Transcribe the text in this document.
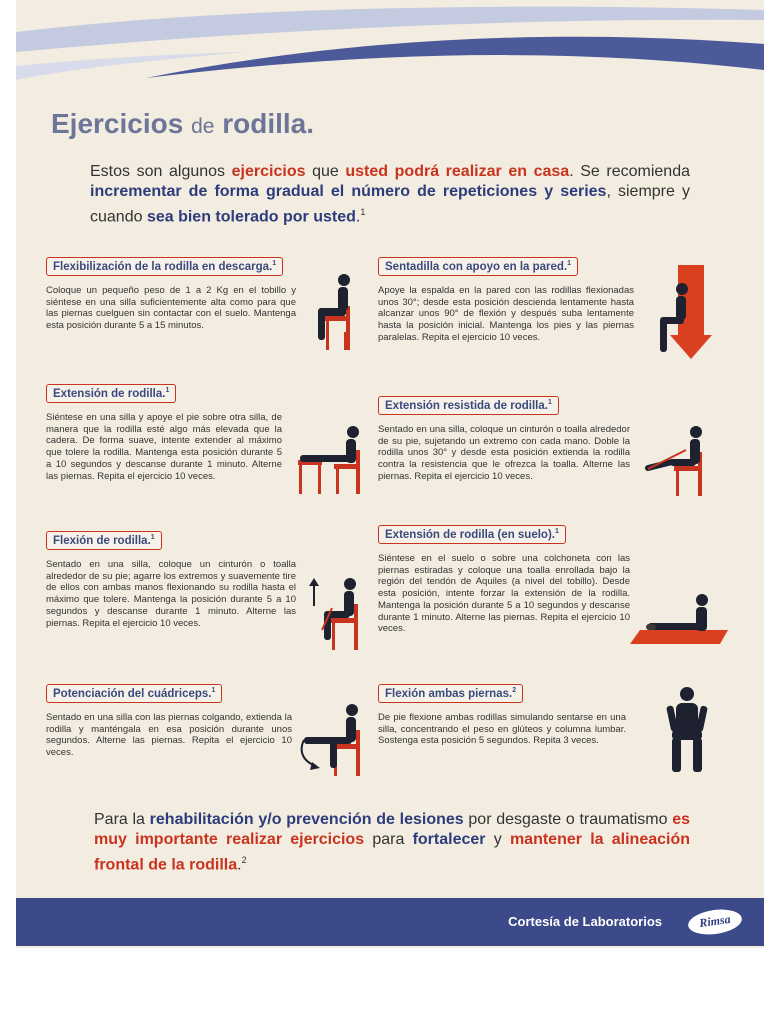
Ejercicios de rodilla.
Estos son algunos ejercicios que usted podrá realizar en casa. Se recomienda incrementar de forma gradual el número de repeticiones y series, siempre y cuando sea bien tolerado por usted.$^1$
Flexibilización de la rodilla en descarga.$^1$
Coloque un pequeño peso de 1 a 2 Kg en el tobillo y siéntese en una silla suficientemente alta como para que las piernas cuelguen sin contactar con el suelo. Mantenga esta posición durante 5 a 15 minutos.
Sentadilla con apoyo en la pared.$^1$
Apoye la espalda en la pared con las rodillas flexionadas unos 30°; desde esta posición descienda lentamente hasta alcanzar unos 90° de flexión y después suba lentamente hasta la posición inicial. Mantenga los pies y las piernas paralelas. Repita el ejercicio 10 veces.
Extensión de rodilla.$^1$
Siéntese en una silla y apoye el pie sobre otra silla, de manera que la rodilla esté algo más elevada que la cadera. De forma suave, intente extender al máximo que tolere la rodilla. Mantenga esta posición durante 5 a 10 segundos y descanse durante 1 minuto. Alterne las piernas. Repita el ejercicio 10 veces.
Extensión resistida de rodilla.$^1$
Sentado en una silla, coloque un cinturón o toalla alrededor de su pie, sujetando un extremo con cada mano. Doble la rodilla unos 30° y desde esta posición extienda la rodilla contra la resistencia que le ofrezca la toalla. Alterne las piernas. Repita el ejercicio 10 veces.
Flexión de rodilla.$^1$
Sentado en una silla, coloque un cinturón o toalla alrededor de su pie; agarre los extremos y suavemente tire de ellos con ambas manos flexionando su rodilla hasta el máximo que tolere. Mantenga la posición durante 5 a 10 segundos y descanse durante 1 minuto. Alterne las piernas. Repita el ejercicio 10 veces.
Extensión de rodilla (en suelo).$^1$
Siéntese en el suelo o sobre una colchoneta con las piernas estiradas y coloque una toalla enrollada bajo la región del tendón de Aquiles (a nivel del tobillo). Desde esta posición, intente forzar la extensión de la rodilla. Mantenga la posición durante 5 a 10 segundos y descanse durante 1 minuto. Alterne las piernas. Repita el ejercicio 10 veces.
Potenciación del cuádriceps.$^1$
Sentado en una silla con las piernas colgando, extienda la rodilla y manténgala en esa posición durante unos segundos. Alterne las piernas. Repita el ejercicio 10 veces.
Flexión ambas piernas.$^2$
De pie flexione ambas rodillas simulando sentarse en una silla, concentrando el peso en glúteos y columna lumbar. Sostenga esta posición 5 segundos. Repita 3 veces.
Para la rehabilitación y/o prevención de lesiones por desgaste o traumatismo es muy importante realizar ejercicios para fortalecer y mantener la alineación frontal de la rodilla.$^2$
Cortesía de Laboratorios	Rimsa
